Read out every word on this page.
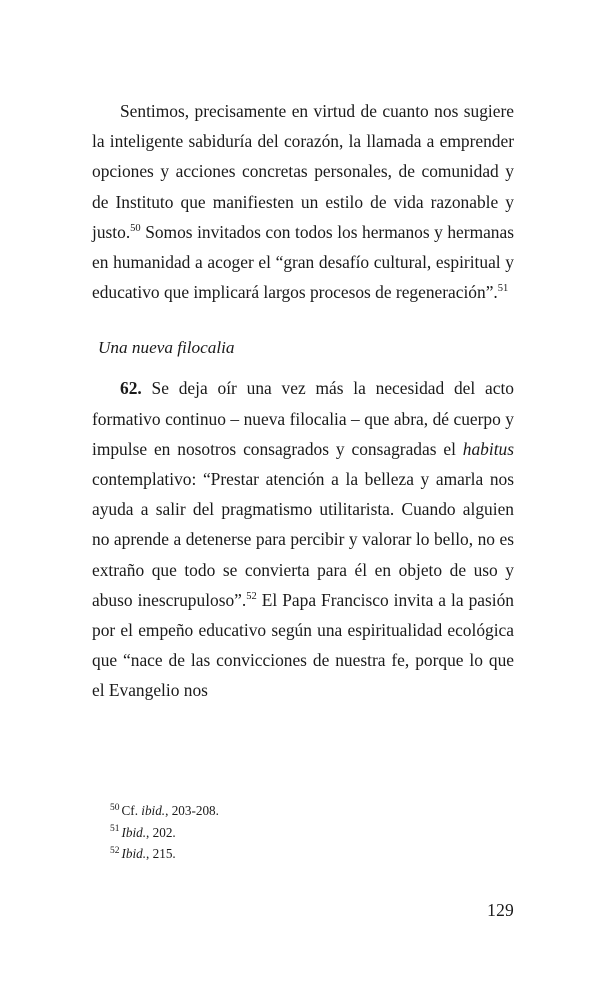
Sentimos, precisamente en virtud de cuanto nos sugiere la inteligente sabiduría del corazón, la llamada a emprender opciones y acciones concretas personales, de comunidad y de Instituto que manifiesten un estilo de vida razonable y justo.$^{50}$ Somos invitados con todos los hermanos y hermanas en humanidad a acoger el “gran desafío cultural, espiritual y educativo que implicará largos procesos de regeneración”.$^{51}$

Una nueva filocalia

62. Se deja oír una vez más la necesidad del acto formativo continuo – nueva filocalia – que abra, dé cuerpo y impulse en nosotros consagrados y consagradas el habitus contemplativo: “Prestar atención a la belleza y amarla nos ayuda a salir del pragmatismo utilitarista. Cuando alguien no aprende a detenerse para percibir y valorar lo bello, no es extraño que todo se convierta para él en objeto de uso y abuso inescrupuloso”.$^{52}$ El Papa Francisco invita a la pasión por el empeño educativo según una espiritualidad ecológica que “nace de las convicciones de nuestra fe, porque lo que el Evangelio nos

$^{50}$ Cf. ibid., 203-208.
$^{51}$ Ibid., 202.
$^{52}$ Ibid., 215.
129
